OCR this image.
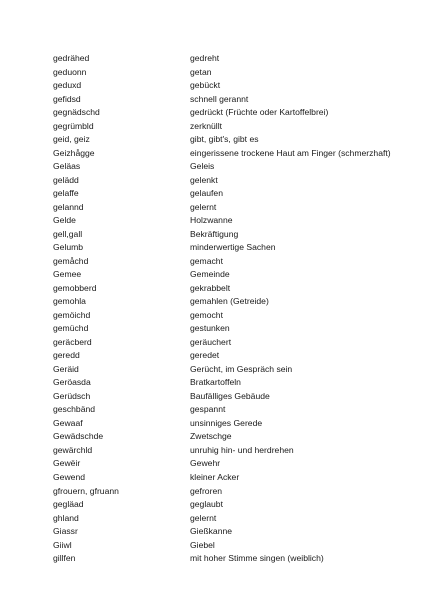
gedrähed	gedreht
geduonn	getan
geduxd	gebückt
gefidsd	schnell gerannt
gegnädschd	gedrückt (Früchte oder Kartoffelbrei)
gegrümbld	zerknüllt
geid, geiz	gibt, gibt's, gibt es
Geizhågge	eingerissene trockene Haut am Finger (schmerzhaft)
Geläas	Geleis
gelädd	gelenkt
gelaffe	gelaufen
gelannd	gelernt
Gelde	Holzwanne
gell,gall	Bekräftigung
Gelumb	minderwertige Sachen
gemåchd	gemacht
Gemee	Gemeinde
gemobberd	gekrabbelt
gemohla	gemahlen (Getreide)
gemöichd	gemocht
gemüchd	gestunken
geräcberd	geräuchert
geredd	geredet
Geräid	Gerücht, im Gespräch sein
Geröasda	Bratkartoffeln
Gerüdsch	Baufälliges Gebäude
geschbänd	gespannt
Gewaaf	unsinniges Gerede
Gewädschde	Zwetschge
gewärchld	unruhig hin- und herdrehen
Gewëir	Gewehr
Gewend	kleiner Acker
gfrouern, gfruann	gefroren
gegläad	geglaubt
ghland	gelernt
Giassr	Gießkanne
Giiwl	Giebel
gillfen	mit hoher Stimme singen (weiblich)
